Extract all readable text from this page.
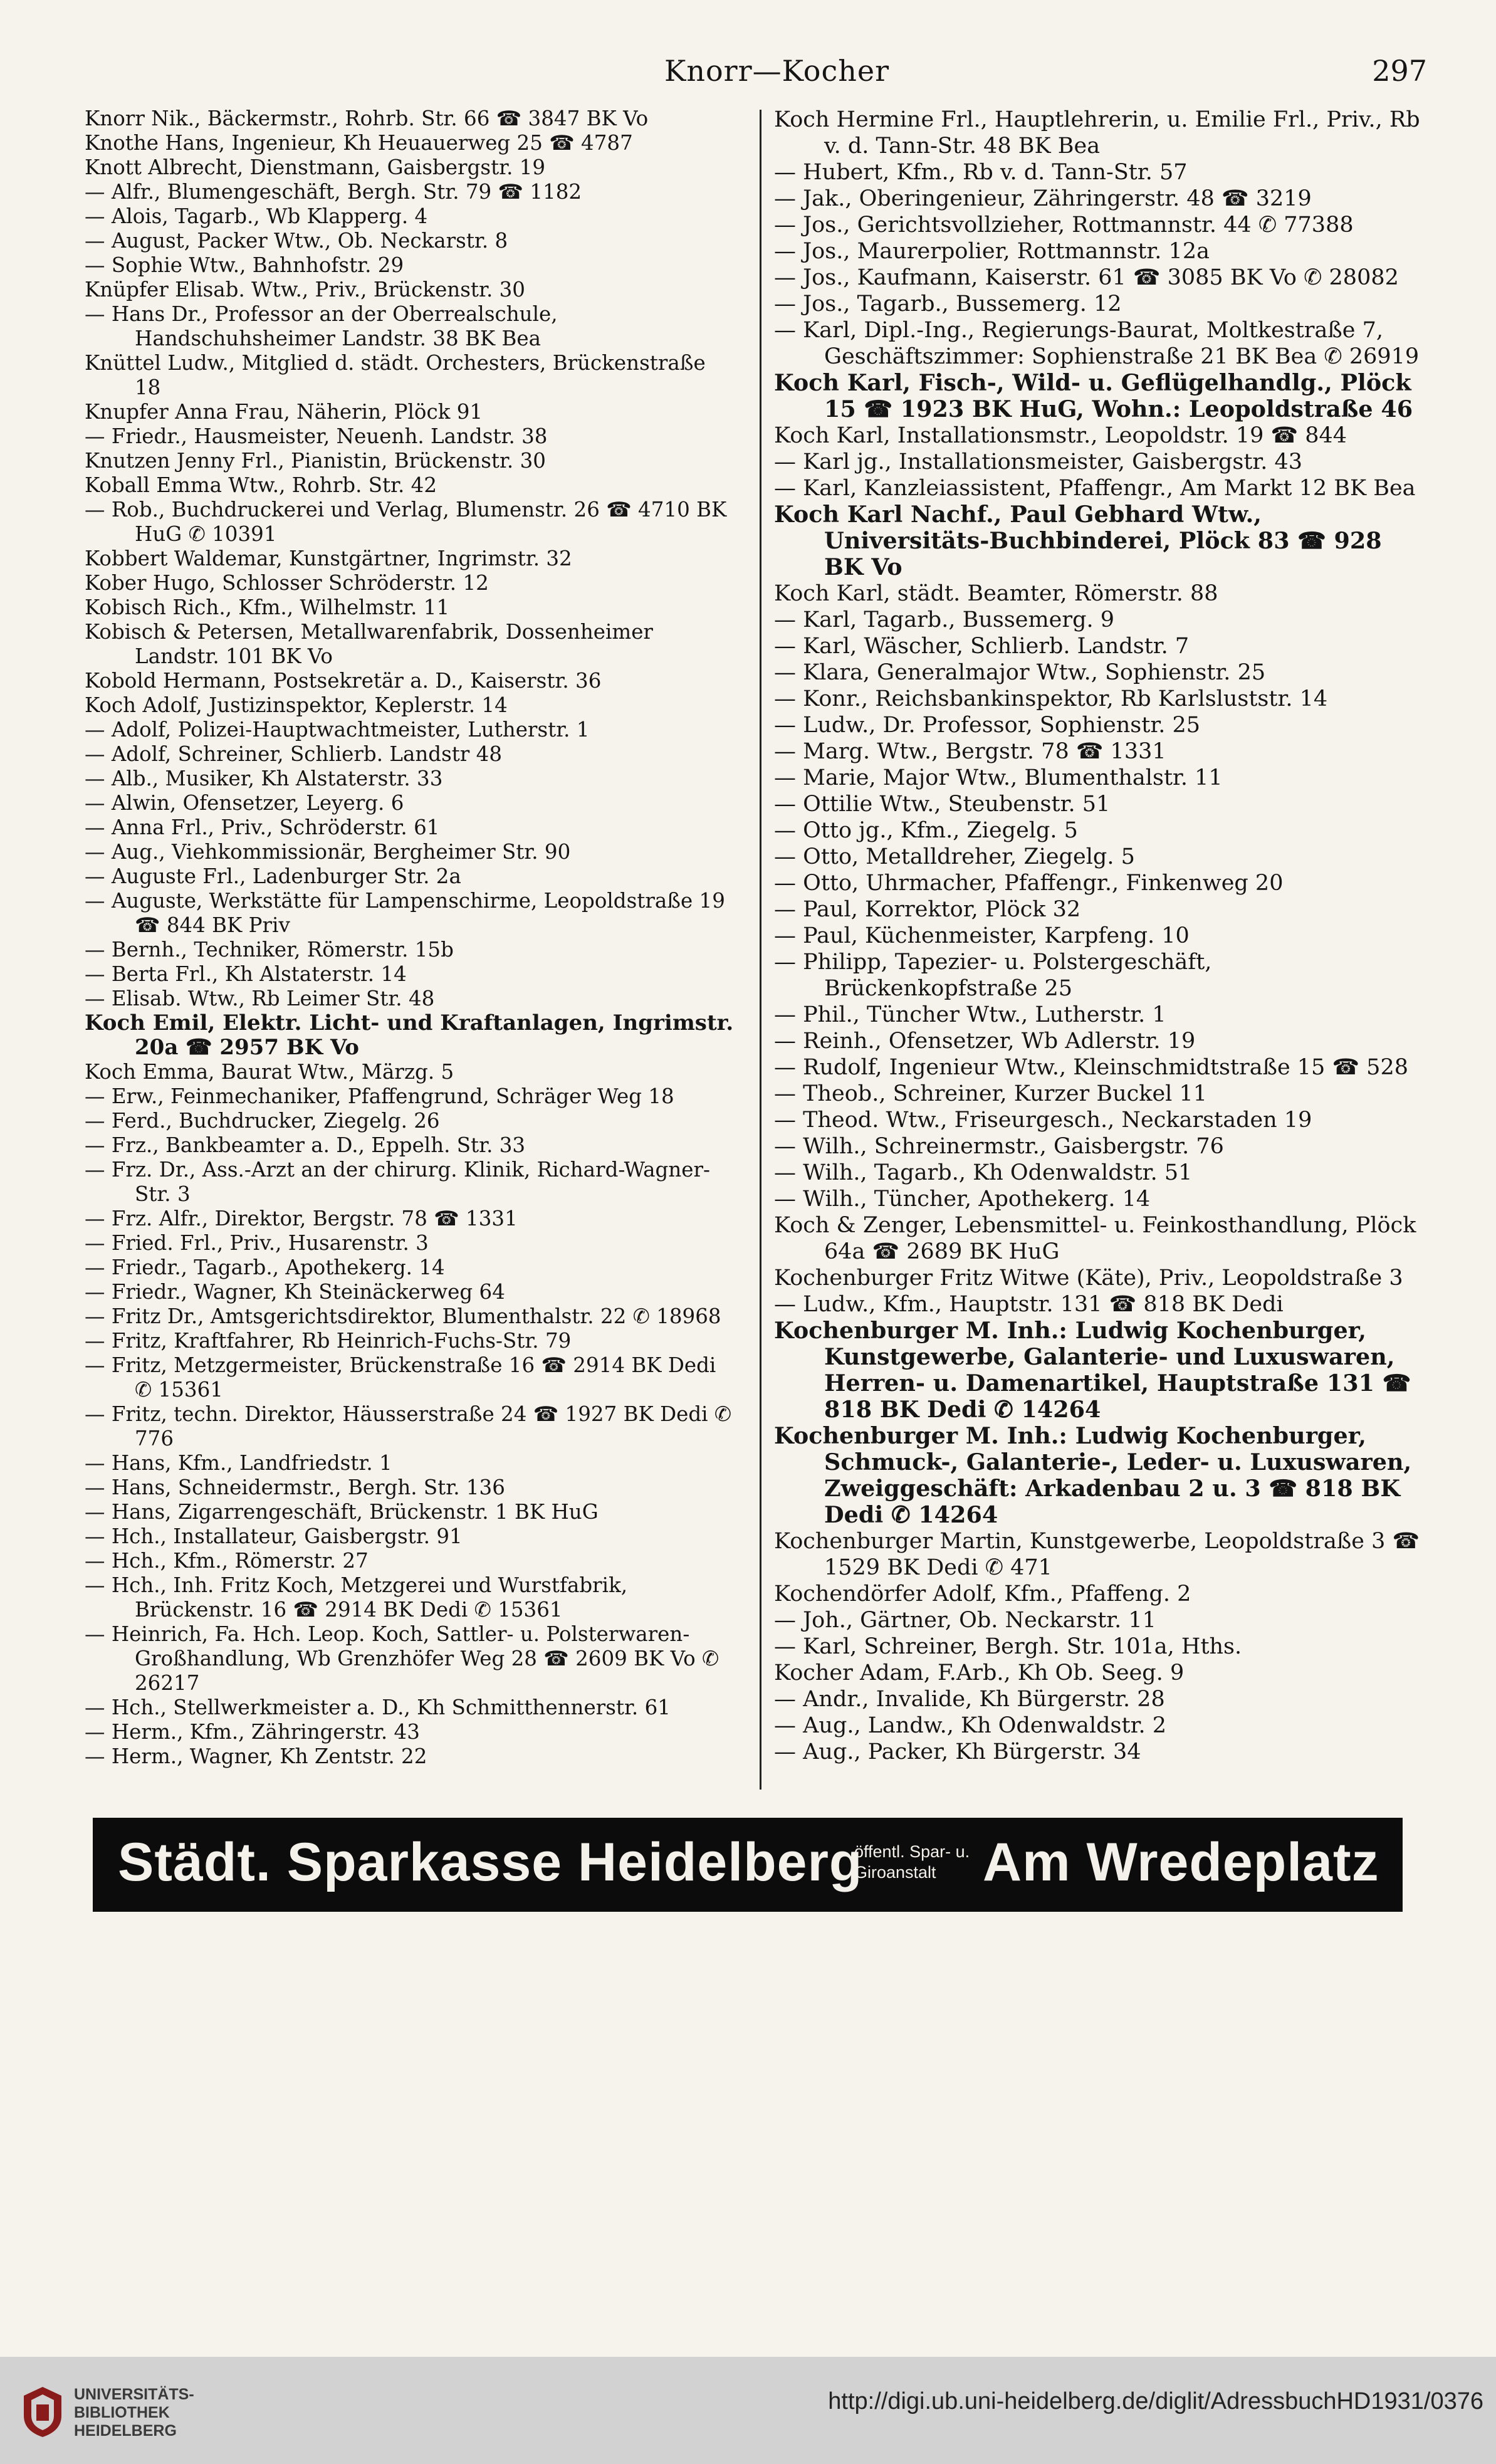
Knorr—Kocher	297

Knorr Nik., Bäckermstr., Rohrb. Str. 66 ☎ 3847 BK Vo

Knothe Hans, Ingenieur, Kh Heuauerweg 25 ☎ 4787

Knott Albrecht, Dienstmann, Gaisbergstr. 19

— Alfr., Blumengeschäft, Bergh. Str. 79 ☎ 1182

— Alois, Tagarb., Wb Klapperg. 4

— August, Packer Wtw., Ob. Neckarstr. 8

— Sophie Wtw., Bahnhofstr. 29

Knüpfer Elisab. Wtw., Priv., Brückenstr. 30

— Hans Dr., Professor an der Oberrealschule, Handschuhsheimer Landstr. 38 BK Bea

Knüttel Ludw., Mitglied d. städt. Orchesters, Brückenstraße 18

Knupfer Anna Frau, Näherin, Plöck 91

— Friedr., Hausmeister, Neuenh. Landstr. 38

Knutzen Jenny Frl., Pianistin, Brückenstr. 30

Koball Emma Wtw., Rohrb. Str. 42

— Rob., Buchdruckerei und Verlag, Blumenstr. 26 ☎ 4710 BK HuG ✆ 10391

Kobbert Waldemar, Kunstgärtner, Ingrimstr. 32

Kober Hugo, Schlosser Schröderstr. 12

Kobisch Rich., Kfm., Wilhelmstr. 11

Kobisch & Petersen, Metallwarenfabrik, Dossenheimer Landstr. 101 BK Vo

Kobold Hermann, Postsekretär a. D., Kaiserstr. 36

Koch Adolf, Justizinspektor, Keplerstr. 14

— Adolf, Polizei-Hauptwachtmeister, Lutherstr. 1

— Adolf, Schreiner, Schlierb. Landstr 48

— Alb., Musiker, Kh Alstaterstr. 33

— Alwin, Ofensetzer, Leyerg. 6

— Anna Frl., Priv., Schröderstr. 61

— Aug., Viehkommissionär, Bergheimer Str. 90

— Auguste Frl., Ladenburger Str. 2a

— Auguste, Werkstätte für Lampenschirme, Leopoldstraße 19 ☎ 844 BK Priv

— Bernh., Techniker, Römerstr. 15b

— Berta Frl., Kh Alstaterstr. 14

— Elisab. Wtw., Rb Leimer Str. 48

Koch Emil, Elektr. Licht- und Kraftanlagen, Ingrimstr. 20a ☎ 2957 BK Vo

Koch Emma, Baurat Wtw., Märzg. 5

— Erw., Feinmechaniker, Pfaffengrund, Schräger Weg 18

— Ferd., Buchdrucker, Ziegelg. 26

— Frz., Bankbeamter a. D., Eppelh. Str. 33

— Frz. Dr., Ass.-Arzt an der chirurg. Klinik, Richard-Wagner-Str. 3

— Frz. Alfr., Direktor, Bergstr. 78 ☎ 1331

— Fried. Frl., Priv., Husarenstr. 3

— Friedr., Tagarb., Apothekerg. 14

— Friedr., Wagner, Kh Steinäckerweg 64

— Fritz Dr., Amtsgerichtsdirektor, Blumenthalstr. 22 ✆ 18968

— Fritz, Kraftfahrer, Rb Heinrich-Fuchs-Str. 79

— Fritz, Metzgermeister, Brückenstraße 16 ☎ 2914 BK Dedi ✆ 15361

— Fritz, techn. Direktor, Häusserstraße 24 ☎ 1927 BK Dedi ✆ 776

— Hans, Kfm., Landfriedstr. 1

— Hans, Schneidermstr., Bergh. Str. 136

— Hans, Zigarrengeschäft, Brückenstr. 1 BK HuG

— Hch., Installateur, Gaisbergstr. 91

— Hch., Kfm., Römerstr. 27

— Hch., Inh. Fritz Koch, Metzgerei und Wurstfabrik, Brückenstr. 16 ☎ 2914 BK Dedi ✆ 15361

— Heinrich, Fa. Hch. Leop. Koch, Sattler- u. Polsterwaren-Großhandlung, Wb Grenzhöfer Weg 28 ☎ 2609 BK Vo ✆ 26217

— Hch., Stellwerkmeister a. D., Kh Schmitthennerstr. 61

— Herm., Kfm., Zähringerstr. 43

— Herm., Wagner, Kh Zentstr. 22

Koch Hermine Frl., Hauptlehrerin, u. Emilie Frl., Priv., Rb v. d. Tann-Str. 48 BK Bea

— Hubert, Kfm., Rb v. d. Tann-Str. 57

— Jak., Oberingenieur, Zähringerstr. 48 ☎ 3219

— Jos., Gerichtsvollzieher, Rottmannstr. 44 ✆ 77388

— Jos., Maurerpolier, Rottmannstr. 12a

— Jos., Kaufmann, Kaiserstr. 61 ☎ 3085 BK Vo ✆ 28082

— Jos., Tagarb., Bussemerg. 12

— Karl, Dipl.-Ing., Regierungs-Baurat, Moltkestraße 7, Geschäftszimmer: Sophienstraße 21 BK Bea ✆ 26919

Koch Karl, Fisch-, Wild- u. Geflügelhandlg., Plöck 15 ☎ 1923 BK HuG, Wohn.: Leopoldstraße 46

Koch Karl, Installationsmstr., Leopoldstr. 19 ☎ 844

— Karl jg., Installationsmeister, Gaisbergstr. 43

— Karl, Kanzleiassistent, Pfaffengr., Am Markt 12 BK Bea

Koch Karl Nachf., Paul Gebhard Wtw., Universitäts-Buchbinderei, Plöck 83 ☎ 928 BK Vo

Koch Karl, städt. Beamter, Römerstr. 88

— Karl, Tagarb., Bussemerg. 9

— Karl, Wäscher, Schlierb. Landstr. 7

— Klara, Generalmajor Wtw., Sophienstr. 25

— Konr., Reichsbankinspektor, Rb Karlsluststr. 14

— Ludw., Dr. Professor, Sophienstr. 25

— Marg. Wtw., Bergstr. 78 ☎ 1331

— Marie, Major Wtw., Blumenthalstr. 11

— Ottilie Wtw., Steubenstr. 51

— Otto jg., Kfm., Ziegelg. 5

— Otto, Metalldreher, Ziegelg. 5

— Otto, Uhrmacher, Pfaffengr., Finkenweg 20

— Paul, Korrektor, Plöck 32

— Paul, Küchenmeister, Karpfeng. 10

— Philipp, Tapezier- u. Polstergeschäft, Brückenkopfstraße 25

— Phil., Tüncher Wtw., Lutherstr. 1

— Reinh., Ofensetzer, Wb Adlerstr. 19

— Rudolf, Ingenieur Wtw., Kleinschmidtstraße 15 ☎ 528

— Theob., Schreiner, Kurzer Buckel 11

— Theod. Wtw., Friseurgesch., Neckarstaden 19

— Wilh., Schreinermstr., Gaisbergstr. 76

— Wilh., Tagarb., Kh Odenwaldstr. 51

— Wilh., Tüncher, Apothekerg. 14

Koch & Zenger, Lebensmittel- u. Feinkosthandlung, Plöck 64a ☎ 2689 BK HuG

Kochenburger Fritz Witwe (Käte), Priv., Leopoldstraße 3

— Ludw., Kfm., Hauptstr. 131 ☎ 818 BK Dedi

Kochenburger M. Inh.: Ludwig Kochenburger, Kunstgewerbe, Galanterie- und Luxuswaren, Herren- u. Damenartikel, Hauptstraße 131 ☎ 818 BK Dedi ✆ 14264

Kochenburger M. Inh.: Ludwig Kochenburger, Schmuck-, Galanterie-, Leder- u. Luxuswaren, Zweiggeschäft: Arkadenbau 2 u. 3 ☎ 818 BK Dedi ✆ 14264

Kochenburger Martin, Kunstgewerbe, Leopoldstraße 3 ☎ 1529 BK Dedi ✆ 471

Kochendörfer Adolf, Kfm., Pfaffeng. 2

— Joh., Gärtner, Ob. Neckarstr. 11

— Karl, Schreiner, Bergh. Str. 101a, Hths.

Kocher Adam, F.Arb., Kh Ob. Seeg. 9

— Andr., Invalide, Kh Bürgerstr. 28

— Aug., Landw., Kh Odenwaldstr. 2

— Aug., Packer, Kh Bürgerstr. 34

Städt. Sparkasse Heidelberg
öffentl. Spar- u.
Giroanstalt Am Wredeplatz
UNIVERSITÄTS-
BIBLIOTHEK
HEIDELBERG
http://digi.ub.uni-heidelberg.de/diglit/AdressbuchHD1931/0376
